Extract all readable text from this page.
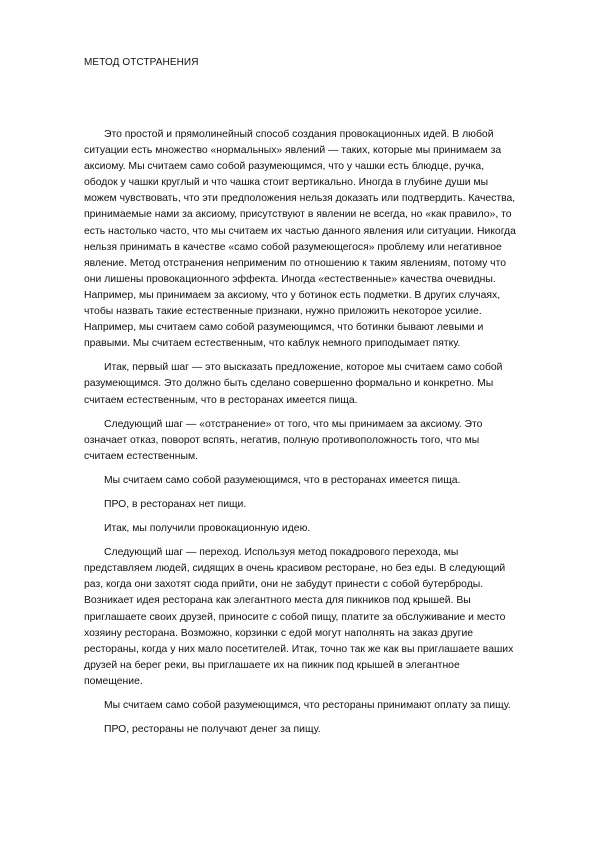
МЕТОД ОТСТРАНЕНИЯ

Это простой и прямолинейный способ создания провокационных идей. В любой ситуации есть множество «нормальных» явлений — таких, которые мы принимаем за аксиому. Мы считаем само собой разумеющимся, что у чашки есть блюдце, ручка, ободок у чашки круглый и что чашка стоит вертикально. Иногда в глубине души мы можем чувствовать, что эти предположения нельзя доказать или подтвердить. Качества, принимаемые нами за аксиому, присутствуют в явлении не всегда, но «как правило», то есть настолько часто, что мы считаем их частью данного явления или ситуации. Никогда нельзя принимать в качестве «само собой разумеющегося» проблему или негативное явление. Метод отстранения неприменим по отношению к таким явлениям, потому что они лишены провокационного эффекта. Иногда «естественные» качества очевидны. Например, мы принимаем за аксиому, что у ботинок есть подметки. В других случаях, чтобы назвать такие естественные признаки, нужно приложить некоторое усилие. Например, мы считаем само собой разумеющимся, что ботинки бывают левыми и правыми. Мы считаем естественным, что каблук немного приподымает пятку.

Итак, первый шаг — это высказать предложение, которое мы считаем само собой разумеющимся. Это должно быть сделано совершенно формально и конкретно. Мы считаем естественным, что в ресторанах имеется пища.

Следующий шаг — «отстранение» от того, что мы принимаем за аксиому. Это означает отказ, поворот вспять, негатив, полную противоположность того, что мы считаем естественным.

Мы считаем само собой разумеющимся, что в ресторанах имеется пища.

ПРО, в ресторанах нет пищи.

Итак, мы получили провокационную идею.

Следующий шаг — переход. Используя метод покадрового перехода, мы представляем людей, сидящих в очень красивом ресторане, но без еды. В следующий раз, когда они захотят сюда прийти, они не забудут принести с собой бутерброды. Возникает идея ресторана как элегантного места для пикников под крышей. Вы приглашаете своих друзей, приносите с собой пищу, платите за обслуживание и место хозяину ресторана. Возможно, корзинки с едой могут наполнять на заказ другие рестораны, когда у них мало посетителей. Итак, точно так же как вы приглашаете ваших друзей на берег реки, вы приглашаете их на пикник под крышей в элегантное помещение.

Мы считаем само собой разумеющимся, что рестораны принимают оплату за пищу.

ПРО, рестораны не получают денег за пищу.
